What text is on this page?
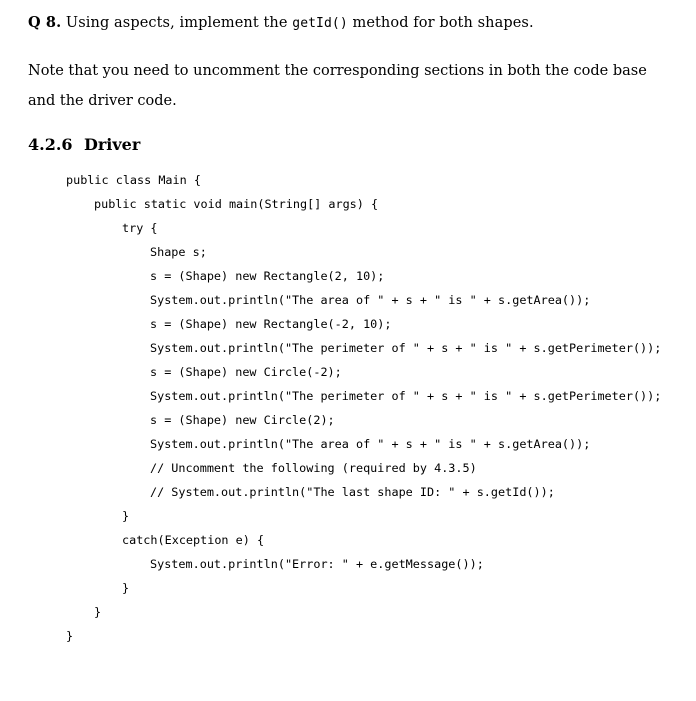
Q 8. Using aspects, implement the getId() method for both shapes.
Note that you need to uncomment the corresponding sections in both the code base and the driver code.
4.2.6 Driver
public class Main {
public static void main(String[] args) {
try {
Shape s;
s = (Shape) new Rectangle(2, 10);
System.out.println("The area of " + s + " is " + s.getArea());
s = (Shape) new Rectangle(-2, 10);
System.out.println("The perimeter of " + s + " is " + s.getPerimeter());
s = (Shape) new Circle(-2);
System.out.println("The perimeter of " + s + " is " + s.getPerimeter());
s = (Shape) new Circle(2);
System.out.println("The area of " + s + " is " + s.getArea());
// Uncomment the following (required by 4.3.5)
// System.out.println("The last shape ID: " + s.getId());
}
catch(Exception e) {
System.out.println("Error: " + e.getMessage());
}
}
}
